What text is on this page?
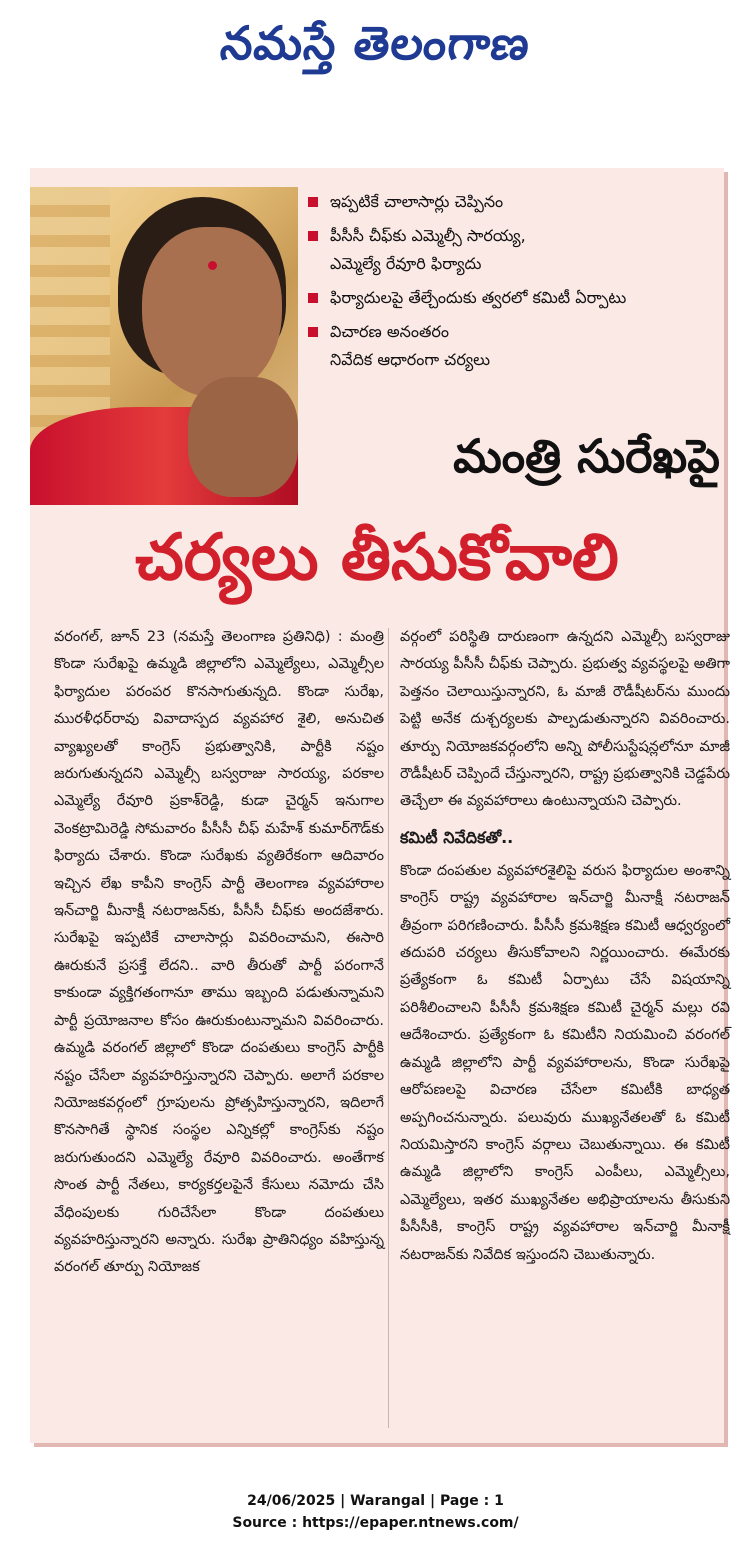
నమస్తే తెలంగాణ

ఇప్పటికే చాలాసార్లు చెప్పినం

పీసీసీ చీఫ్‌కు ఎమ్మెల్సీ సారయ్య,

ఎమ్మెల్యే రేవూరి ఫిర్యాదు

ఫిర్యాదులపై తేల్చేందుకు త్వరలో కమిటీ ఏర్పాటు

విచారణ అనంతరం

నివేదిక ఆధారంగా చర్యలు

మంత్రి సురేఖపై
చర్యలు తీసుకోవాలి

వరంగల్, జూన్ 23 (నమస్తే తెలంగాణ ప్రతినిధి) : మంత్రి కొండా సురేఖపై ఉమ్మడి జిల్లాలోని ఎమ్మెల్యేలు, ఎమ్మెల్సీల ఫిర్యాదుల పరంపర కొనసాగుతున్నది. కొండా సురేఖ, మురళీధర్‌రావు వివాదాస్పద వ్యవహార శైలి, అనుచిత వ్యాఖ్యలతో కాంగ్రెస్ ప్రభుత్వానికి, పార్టీకి నష్టం జరుగుతున్నదని ఎమ్మెల్సీ బస్వరాజు సారయ్య, పరకాల ఎమ్మెల్యే రేవూరి ప్రకాశ్‌రెడ్డి, కుడా చైర్మన్ ఇనుగాల వెంకట్రామిరెడ్డి సోమవారం పీసీసీ చీఫ్ మహేశ్ కుమార్‌గౌడ్‌కు ఫిర్యాదు చేశారు. కొండా సురేఖకు వ్యతిరేకంగా ఆదివారం ఇచ్చిన లేఖ కాపీని కాంగ్రెస్ పార్టీ తెలంగాణ వ్యవహారాల ఇన్‌చార్జి మీనాక్షీ నటరాజన్‌కు, పీసీసీ చీఫ్‌కు అందజేశారు. సురేఖపై ఇప్పటికే చాలాసార్లు వివరించామని, ఈసారి ఊరుకునే ప్రసక్తే లేదని.. వారి తీరుతో పార్టీ పరంగానే కాకుండా వ్యక్తిగతంగానూ తాము ఇబ్బంది పడుతున్నామని పార్టీ ప్రయోజనాల కోసం ఊరుకుంటున్నామని వివరించారు. ఉమ్మడి వరంగల్ జిల్లాలో కొండా దంపతులు కాంగ్రెస్ పార్టీకి నష్టం చేసేలా వ్యవహరిస్తున్నారని చెప్పారు. అలాగే పరకాల నియోజకవర్గంలో గ్రూపులను ప్రోత్సహిస్తున్నారని, ఇదిలాగే కొనసాగితే స్థానిక సంస్థల ఎన్నికల్లో కాంగ్రెస్‌కు నష్టం జరుగుతుందని ఎమ్మెల్యే రేవూరి వివరించారు. అంతేగాక సొంత పార్టీ నేతలు, కార్యకర్తలపైనే కేసులు నమోదు చేసి వేధింపులకు గురిచేసేలా కొండా దంపతులు వ్యవహరిస్తున్నారని అన్నారు. సురేఖ ప్రాతినిధ్యం వహిస్తున్న వరంగల్ తూర్పు నియోజక

వర్గంలో పరిస్థితి దారుణంగా ఉన్నదని ఎమ్మెల్సీ బస్వరాజు సారయ్య పీసీసీ చీఫ్‌కు చెప్పారు. ప్రభుత్వ వ్యవస్థలపై అతిగా పెత్తనం చెలాయిస్తున్నారని, ఓ మాజీ రౌడీషీటర్‌ను ముందు పెట్టి అనేక దుశ్చర్యలకు పాల్పడుతున్నారని వివరించారు. తూర్పు నియోజకవర్గంలోని అన్ని పోలీసుస్టేషన్లలోనూ మాజీ రౌడీషీటర్ చెప్పిందే చేస్తున్నారని, రాష్ట్ర ప్రభుత్వానికి చెడ్డపేరు తెచ్చేలా ఈ వ్యవహారాలు ఉంటున్నాయని చెప్పారు.

కమిటీ నివేదికతో..

కొండా దంపతుల వ్యవహారశైలిపై వరుస ఫిర్యాదుల అంశాన్ని కాంగ్రెస్ రాష్ట్ర వ్యవహారాల ఇన్‌చార్జి మీనాక్షీ నటరాజన్ తీవ్రంగా పరిగణించారు. పీసీసీ క్రమశిక్షణ కమిటీ ఆధ్వర్యంలో తదుపరి చర్యలు తీసుకోవాలని నిర్ణయించారు. ఈమేరకు ప్రత్యేకంగా ఓ కమిటీ ఏర్పాటు చేసే విషయాన్ని పరిశీలించాలని పీసీసీ క్రమశిక్షణ కమిటీ చైర్మన్ మల్లు రవి ఆదేశించారు. ప్రత్యేకంగా ఓ కమిటీని నియమించి వరంగల్ ఉమ్మడి జిల్లాలోని పార్టీ వ్యవహారాలను, కొండా సురేఖపై ఆరోపణలపై విచారణ చేసేలా కమిటీకి బాధ్యత అప్పగించనున్నారు. పలువురు ముఖ్యనేతలతో ఓ కమిటీ నియమిస్తారని కాంగ్రెస్ వర్గాలు చెబుతున్నాయి. ఈ కమిటీ ఉమ్మడి జిల్లాలోని కాంగ్రెస్ ఎంపీలు, ఎమ్మెల్సీలు, ఎమ్మెల్యేలు, ఇతర ముఖ్యనేతల అభిప్రాయాలను తీసుకుని పీసీసీకి, కాంగ్రెస్ రాష్ట్ర వ్యవహారాల ఇన్‌చార్జి మీనాక్షీ నటరాజన్‌కు నివేదిక ఇస్తుందని చెబుతున్నారు.

24/06/2025 | Warangal | Page : 1
Source : https://epaper.ntnews.com/
